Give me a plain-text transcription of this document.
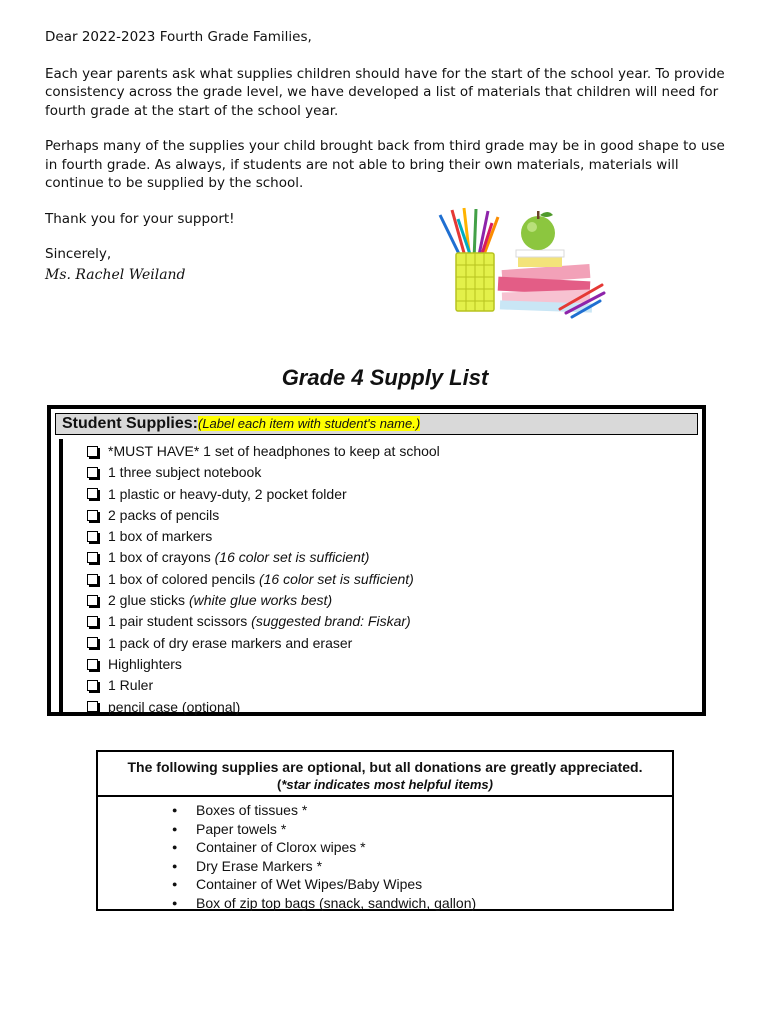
Dear 2022-2023 Fourth Grade Families,

Each year parents ask what supplies children should have for the start of the school year. To provide consistency across the grade level, we have developed a list of materials that children will need for fourth grade at the start of the school year.

Perhaps many of the supplies your child brought back from third grade may be in good shape to use in fourth grade. As always, if students are not able to bring their own materials, materials will continue to be supplied by the school.

Thank you for your support!

Sincerely,

Ms. Rachel Weiland
Grade 4 Supply List
Student Supplies:(Label each item with student's name.)
*MUST HAVE* 1 set of headphones to keep at school
1 three subject notebook
1 plastic or heavy-duty, 2 pocket folder
2 packs of pencils
1 box of markers
1 box of crayons (16 color set is sufficient)
1 box of colored pencils (16 color set is sufficient)
2 glue sticks (white glue works best)
1 pair student scissors (suggested brand: Fiskar)
1 pack of dry erase markers and eraser
Highlighters
1 Ruler
pencil case (optional)
The following supplies are optional, but all donations are greatly appreciated.
(*star indicates most helpful items)
● Boxes of tissues *
● Paper towels *
● Container of Clorox wipes *
● Dry Erase Markers *
● Container of Wet Wipes/Baby Wipes
● Box of zip top bags (snack, sandwich, gallon)
